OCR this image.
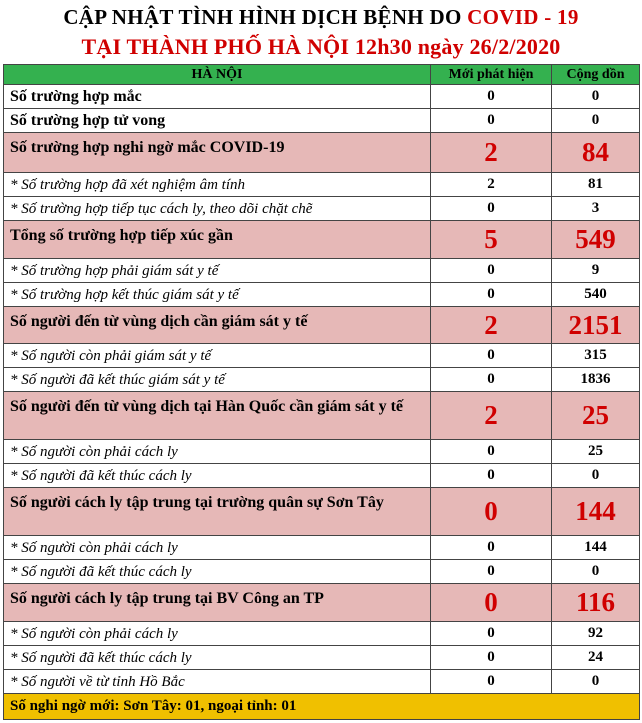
CẬP NHẬT TÌNH HÌNH DỊCH BỆNH DO COVID - 19
TẠI THÀNH PHỐ HÀ NỘI 12h30 ngày 26/2/2020
HÀ NỘI	Mới phát hiện	Cộng dồn
Số trường hợp mắc	0	0
Số trường hợp tử vong	0	0
Số trường hợp nghi ngờ mắc COVID-19	2	84
* Số trường hợp đã xét nghiệm âm tính	2	81
* Số trường hợp tiếp tục cách ly, theo dõi chặt chẽ	0	3
Tổng số trường hợp tiếp xúc gần	5	549
* Số trường hợp phải giám sát y tế	0	9
* Số trường hợp kết thúc giám sát y tế	0	540
Số người đến từ vùng dịch cần giám sát y tế	2	2151
* Số người còn phải giám sát y tế	0	315
* Số người đã kết thúc giám sát y tế	0	1836
Số người đến từ vùng dịch tại Hàn Quốc cần giám sát y tế	2	25
* Số người còn phải cách ly	0	25
* Số người đã kết thúc cách ly	0	0
Số người cách ly tập trung tại trường quân sự Sơn Tây	0	144
* Số người còn phải cách ly	0	144
* Số người đã kết thúc cách ly	0	0
Số người cách ly tập trung tại BV Công an TP	0	116
* Số người còn phải cách ly	0	92
* Số người đã kết thúc cách ly	0	24
* Số người về từ tỉnh Hồ Bắc	0	0
Số nghi ngờ mới: Sơn Tây: 01, ngoại tỉnh: 01		
